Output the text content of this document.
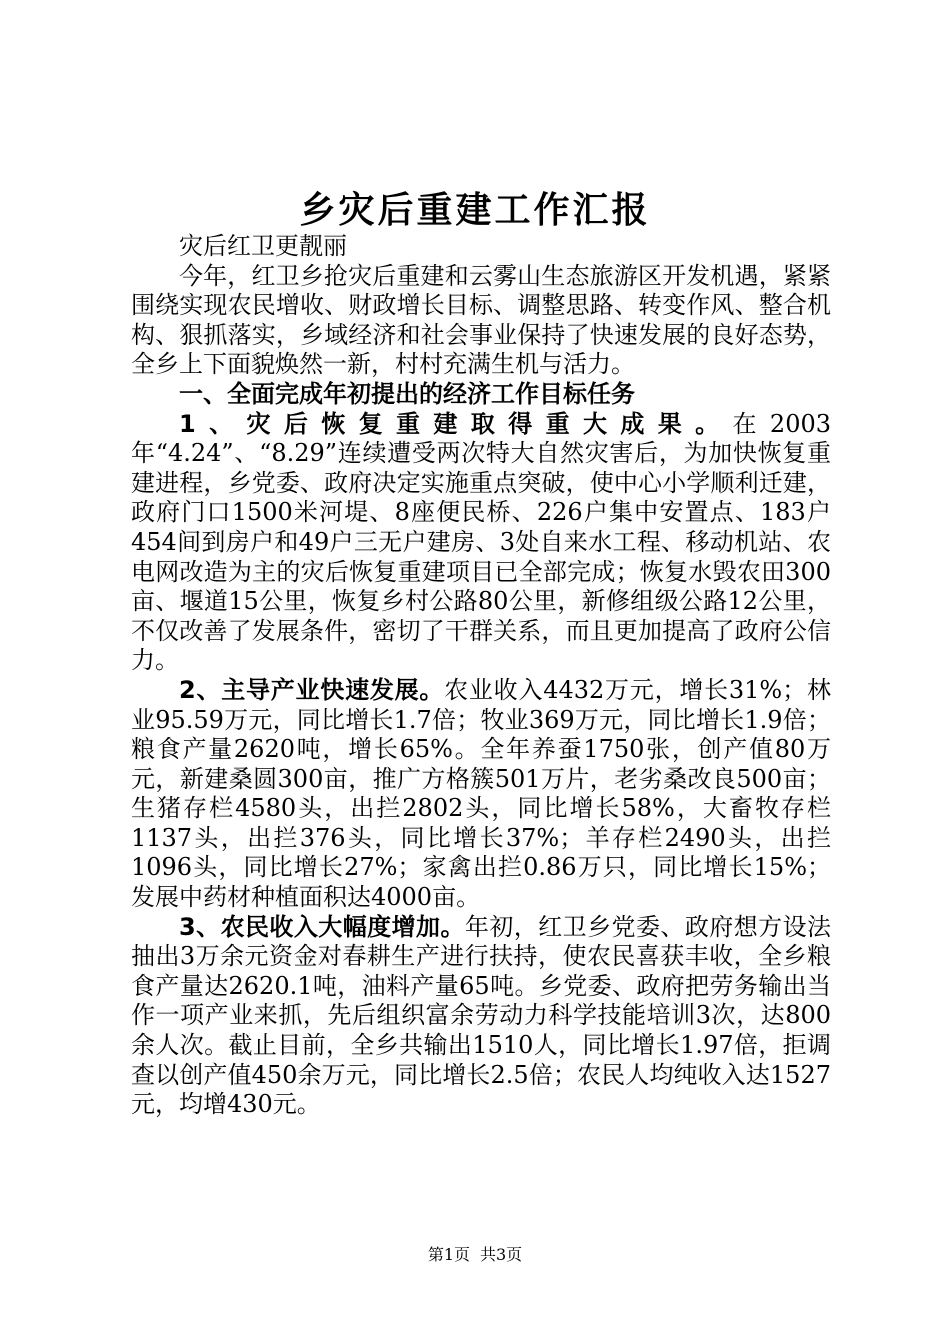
乡灾后重建工作汇报

灾后红卫更靓丽

今年，红卫乡抢灾后重建和云雾山生态旅游区开发机遇，紧紧围绕实现农民增收、财政增长目标、调整思路、转变作风、整合机构、狠抓落实，乡域经济和社会事业保持了快速发展的良好态势，全乡上下面貌焕然一新，村村充满生机与活力。

一、全面完成年初提出的经济工作目标任务

1、灾后恢复重建取得重大成果。在2003年“4.24”、“8.29”连续遭受两次特大自然灾害后，为加快恢复重建进程，乡党委、政府决定实施重点突破，使中心小学顺利迁建，政府门口1500米河堤、8座便民桥、226户集中安置点、183户454间到房户和49户三无户建房、3处自来水工程、移动机站、农电网改造为主的灾后恢复重建项目已全部完成；恢复水毁农田300亩、堰道15公里，恢复乡村公路80公里，新修组级公路12公里，不仅改善了发展条件，密切了干群关系，而且更加提高了政府公信力。

2、主导产业快速发展。农业收入4432万元，增长31%；林业95.59万元，同比增长1.7倍；牧业369万元，同比增长1.9倍；粮食产量2620吨，增长65%。全年养蚕1750张，创产值80万元，新建桑圆300亩，推广方格簇501万片，老劣桑改良500亩；生猪存栏4580头，出拦2802头，同比增长58%，大畜牧存栏1137头，出拦376头，同比增长37%；羊存栏2490头，出拦1096头，同比增长27%；家禽出拦0.86万只，同比增长15%；发展中药材种植面积达4000亩。

3、农民收入大幅度增加。年初，红卫乡党委、政府想方设法抽出3万余元资金对春耕生产进行扶持，使农民喜获丰收，全乡粮食产量达2620.1吨，油料产量65吨。乡党委、政府把劳务输出当作一项产业来抓，先后组织富余劳动力科学技能培训3次，达800余人次。截止目前，全乡共输出1510人，同比增长1.97倍，拒调查以创产值450余万元，同比增长2.5倍；农民人均纯收入达1527元，均增430元。

第1页 共3页
